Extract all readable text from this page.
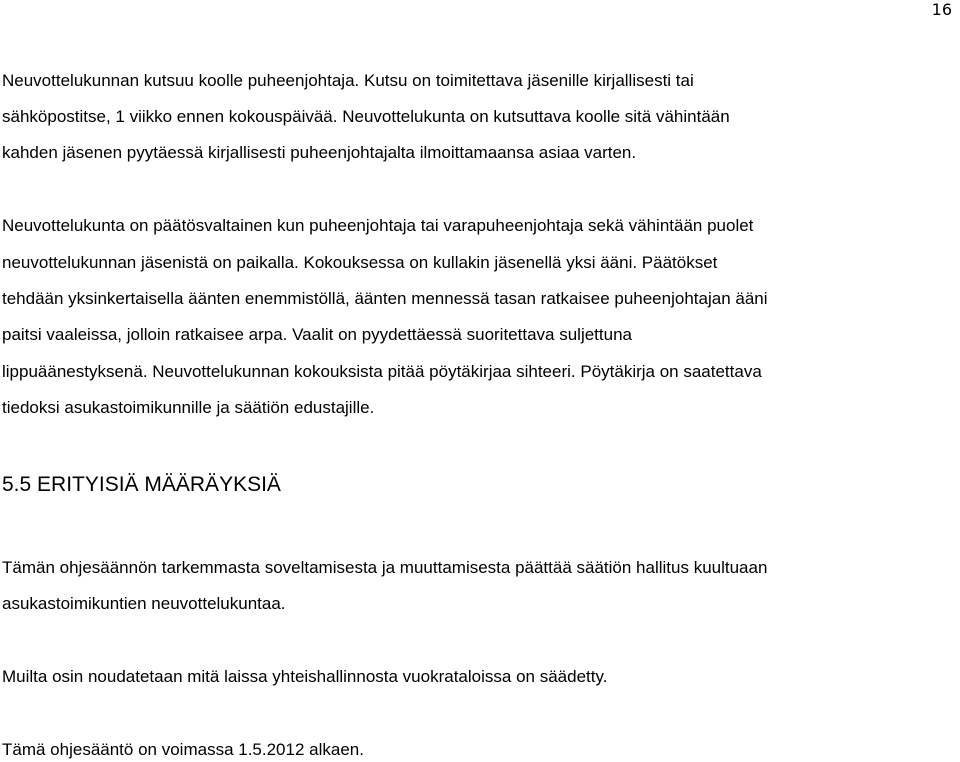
16
Neuvottelukunnan kutsuu koolle puheenjohtaja. Kutsu on toimitettava jäsenille kirjallisesti tai
sähköpostitse, 1 viikko ennen kokouspäivää. Neuvottelukunta on kutsuttava koolle sitä vähintään
kahden jäsenen pyytäessä kirjallisesti puheenjohtajalta ilmoittamaansa asiaa varten.
Neuvottelukunta on päätösvaltainen kun puheenjohtaja tai varapuheenjohtaja sekä vähintään puolet
neuvottelukunnan jäsenistä on paikalla. Kokouksessa on kullakin jäsenellä yksi ääni. Päätökset
tehdään yksinkertaisella äänten enemmistöllä, äänten mennessä tasan ratkaisee puheenjohtajan ääni
paitsi vaaleissa, jolloin ratkaisee arpa. Vaalit on pyydettäessä suoritettava suljettuna
lippuäänestyksenä. Neuvottelukunnan kokouksista pitää pöytäkirjaa sihteeri. Pöytäkirja on saatettava
tiedoksi asukastoimikunnille ja säätiön edustajille.
5.5 ERITYISIÄ MÄÄRÄYKSIÄ
Tämän ohjesäännön tarkemmasta soveltamisesta ja muuttamisesta päättää säätiön hallitus kuultuaan
asukastoimikuntien neuvottelukuntaa.
Muilta osin noudatetaan mitä laissa yhteishallinnosta vuokrataloissa on säädetty.
Tämä ohjesääntö on voimassa 1.5.2012 alkaen.
